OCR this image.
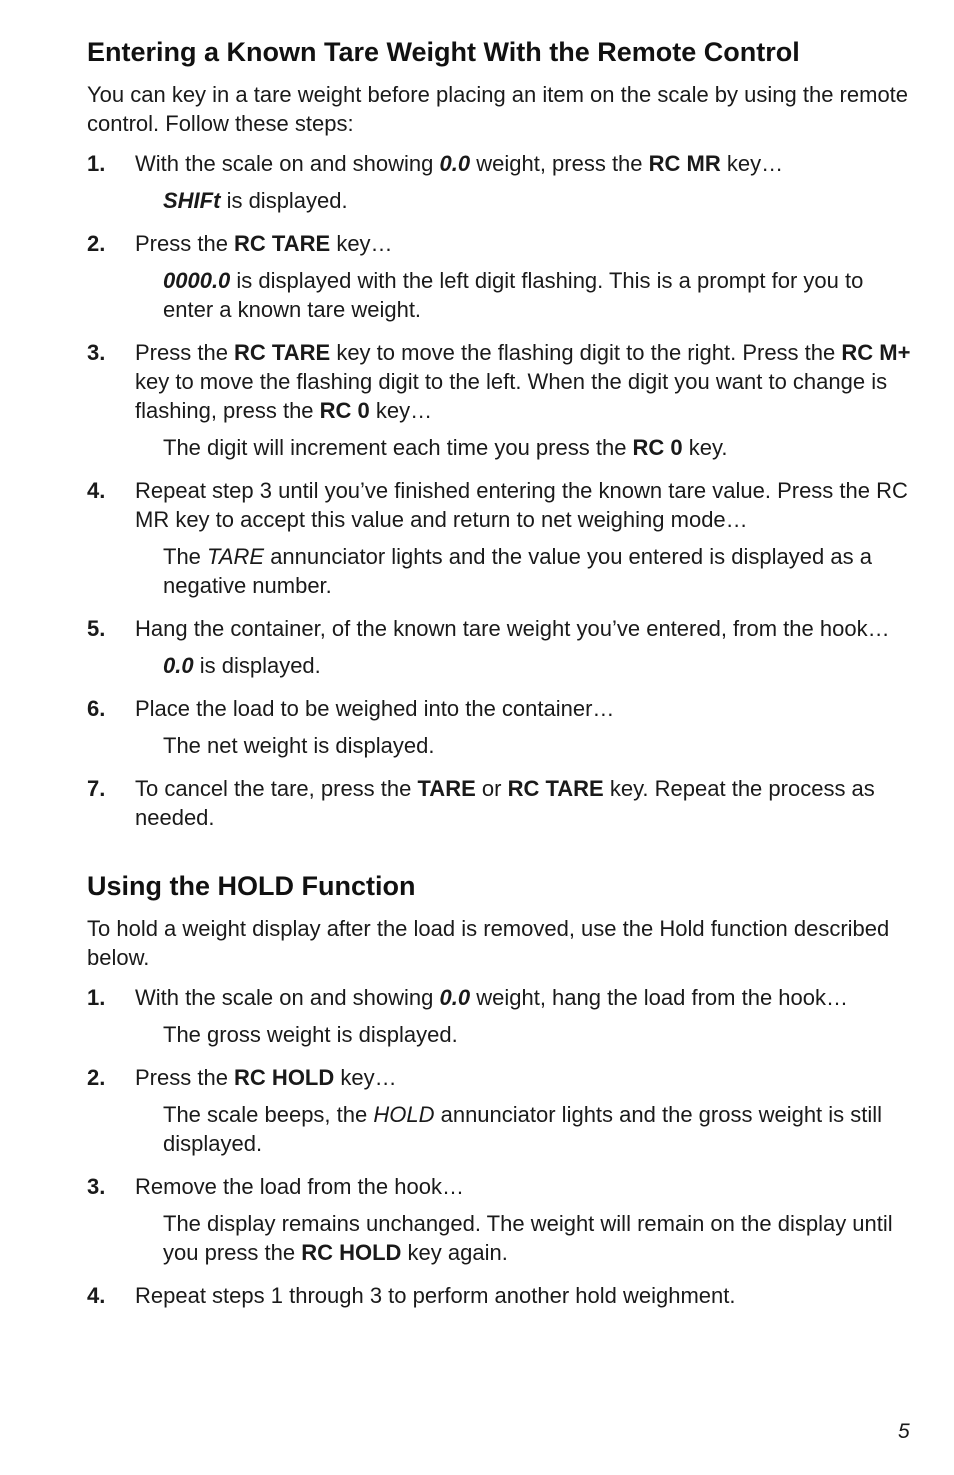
Entering a Known Tare Weight With the Remote Control

You can key in a tare weight before placing an item on the scale by using the remote control. Follow these steps:

1.	With the scale on and showing 0.0 weight, press the RC MR key…
SHIFt is displayed.
2.	Press the RC TARE key…
0000.0 is displayed with the left digit flashing. This is a prompt for you to enter a known tare weight.
3.	Press the RC TARE key to move the flashing digit to the right. Press the RC M+ key to move the flashing digit to the left. When the digit you want to change is flashing, press the RC 0 key…
The digit will increment each time you press the RC 0 key.
4.	Repeat step 3 until you’ve finished entering the known tare value. Press the RC MR key to accept this value and return to net weighing mode…
The TARE annunciator lights and the value you entered is displayed as a negative number.
5.	Hang the container, of the known tare weight you’ve entered, from the hook…
0.0 is displayed.
6.	Place the load to be weighed into the container…
The net weight is displayed.
7.	To cancel the tare, press the TARE or RC TARE key. Repeat the process as needed.
Using the HOLD Function

To hold a weight display after the load is removed, use the Hold function described below.

1.	With the scale on and showing 0.0 weight, hang the load from the hook…
The gross weight is displayed.
2.	Press the RC HOLD key…
The scale beeps, the HOLD annunciator lights and the gross weight is still displayed.
3.	Remove the load from the hook…
The display remains unchanged. The weight will remain on the display until you press the RC HOLD key again.
4.	Repeat steps 1 through 3 to perform another hold weighment.
5
